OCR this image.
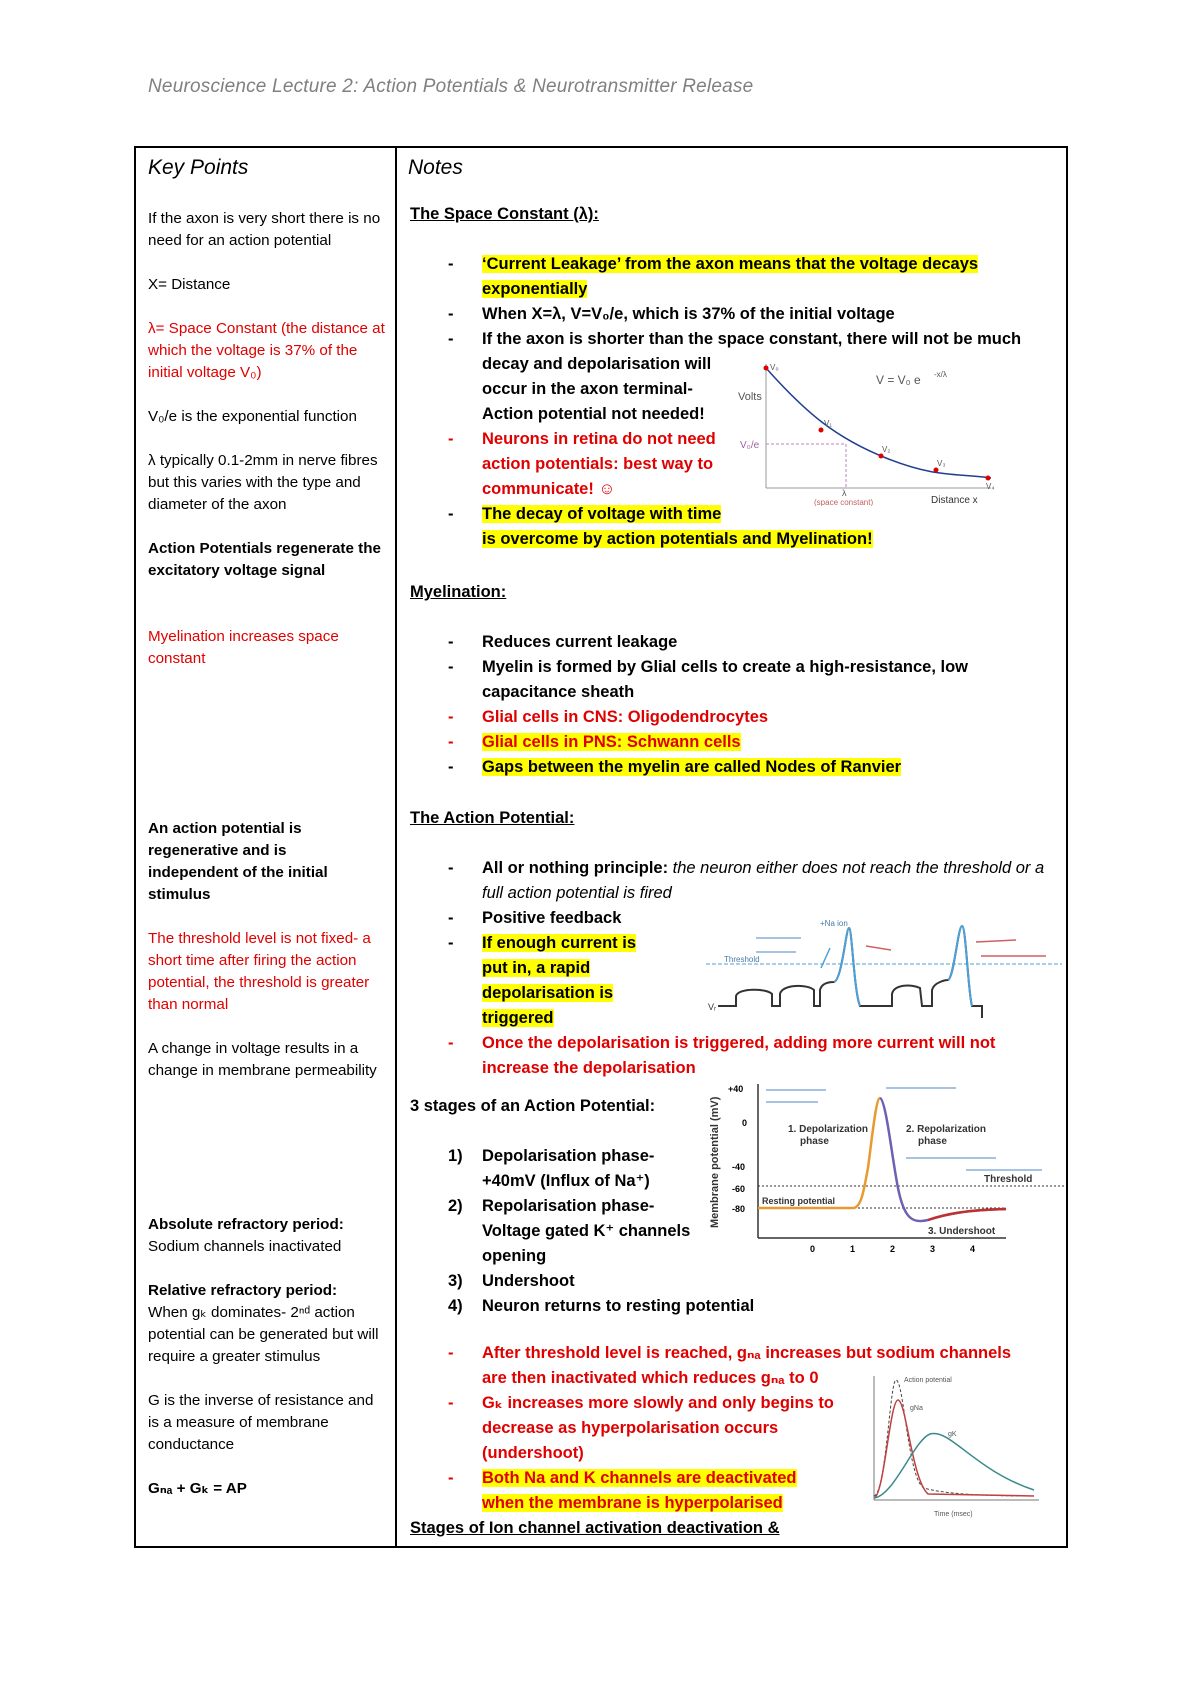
Neuroscience Lecture 2: Action Potentials & Neurotransmitter Release
Key Points	Notes
If the axon is very short there is no need for an action potential
X= Distance
λ= Space Constant (the distance at which the voltage is 37% of the initial voltage V₀)
V₀/e is the exponential function
λ typically 0.1-2mm in nerve fibres but this varies with the type and diameter of the axon
Action Potentials regenerate the excitatory voltage signal
Myelination increases space constant
An action potential is regenerative and is independent of the initial stimulus
The threshold level is not fixed- a short time after firing the action potential, the threshold is greater than normal
A change in voltage results in a change in membrane permeability

Absolute refractory period:

Sodium channels inactivated

Relative refractory period:

When gₖ dominates- 2ⁿᵈ action potential can be generated but will require a greater stimulus

G is the inverse of resistance and is a measure of membrane conductance
Gₙₐ + Gₖ = AP

The Space Constant (λ):

- ‘Current Leakage’ from the axon means that the voltage decays exponentially
- When X=λ, V=V₀/e, which is 37% of the initial voltage
- If the axon is shorter than the space constant, there will not be much
decay and depolarisation will
occur in the axon terminal-
Action potential not needed!
- Neurons in retina do not need
action potentials: best way to
communicate! ☺
- The decay of voltage with time
is overcome by action potentials and Myelination!

Myelination:

- Reduces current leakage
- Myelin is formed by Glial cells to create a high-resistance, low capacitance sheath
- Glial cells in CNS: Oligodendrocytes
- Glial cells in PNS: Schwann cells
- Gaps between the myelin are called Nodes of Ranvier

The Action Potential:

- All or nothing principle: the neuron either does not reach the threshold or a full action potential is fired
- Positive feedback
- If enough current is
put in, a rapid
depolarisation is
triggered
- Once the depolarisation is triggered, adding more current will not increase the depolarisation

3 stages of an Action Potential:

1) Depolarisation phase-
+40mV (Influx of Na⁺)
2) Repolarisation phase-
Voltage gated K⁺ channels
opening
3) Undershoot
4) Neuron returns to resting potential
- After threshold level is reached, gₙₐ increases but sodium channels
are then inactivated which reduces gₙₐ to 0
- Gₖ increases more slowly and only begins to
decrease as hyperpolarisation occurs
(undershoot)
- Both Na and K channels are deactivated
when the membrane is hyperpolarised

Stages of Ion channel activation deactivation &

Volts
V = V₀ e -x/λ
V₀/e
V₀
V₁
V₂
V₃
V₄
λ
(space constant)	Distance x
Threshold
+Na ion
Vᵣ
Membrane potential (mV)
+40
0
-40
-60
-80
1. Depolarization
phase
2. Repolarization
phase
Threshold
Resting potential
3. Undershoot
0	1	2	3	4
Action potential
gNa
gK
Time (msec)
